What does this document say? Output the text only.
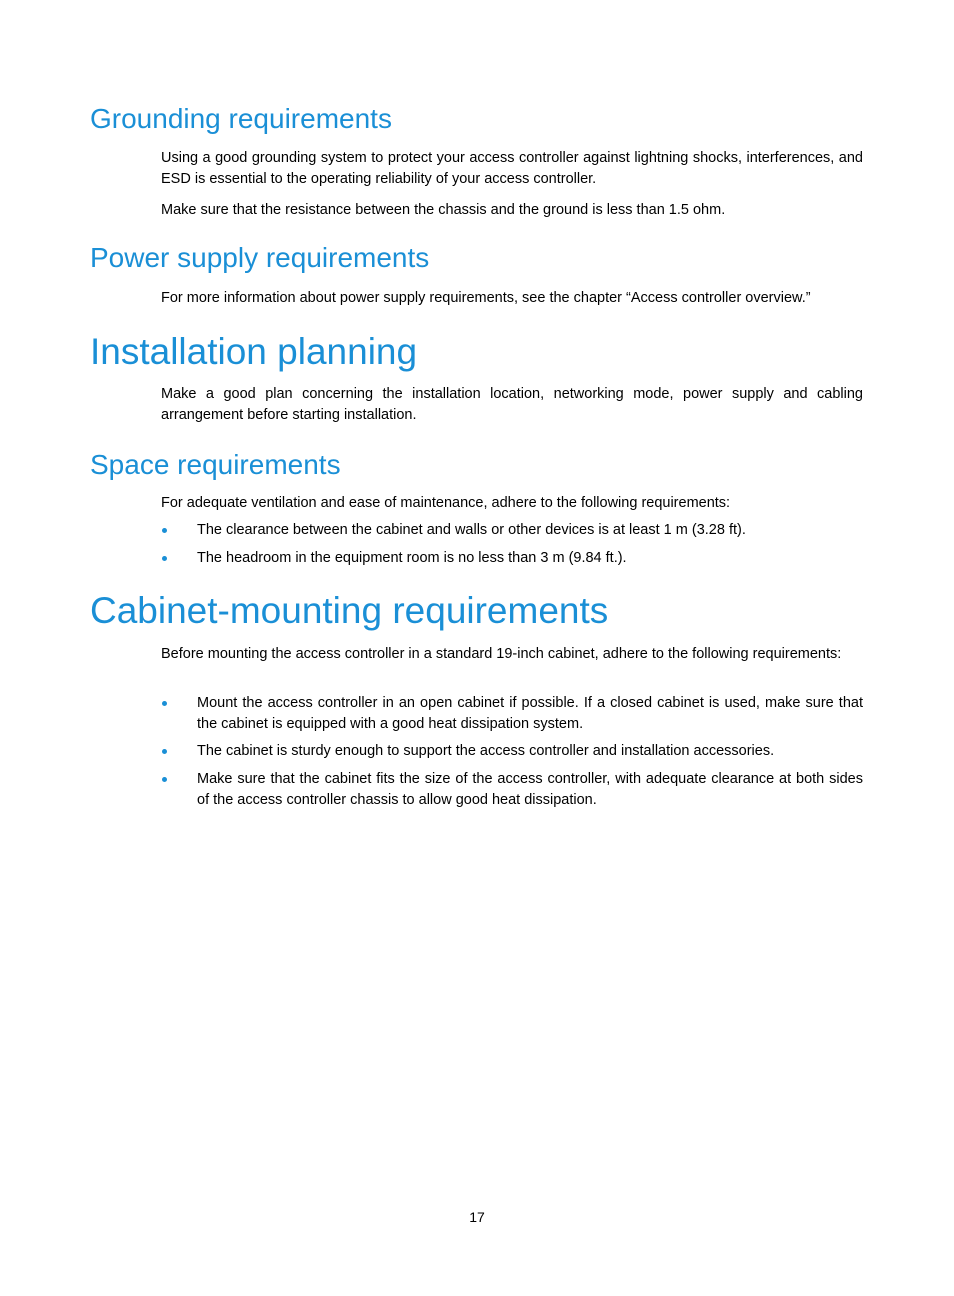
Grounding requirements

Using a good grounding system to protect your access controller against lightning shocks, interferences, and ESD is essential to the operating reliability of your access controller.

Make sure that the resistance between the chassis and the ground is less than 1.5 ohm.

Power supply requirements

For more information about power supply requirements, see the chapter “Access controller overview.”

Installation planning

Make a good plan concerning the installation location, networking mode, power supply and cabling arrangement before starting installation.

Space requirements

For adequate ventilation and ease of maintenance, adhere to the following requirements:

The clearance between the cabinet and walls or other devices is at least 1 m (3.28 ft).
The headroom in the equipment room is no less than 3 m (9.84 ft.).
Cabinet-mounting requirements

Before mounting the access controller in a standard 19-inch cabinet, adhere to the following requirements:

Mount the access controller in an open cabinet if possible. If a closed cabinet is used, make sure that the cabinet is equipped with a good heat dissipation system.
The cabinet is sturdy enough to support the access controller and installation accessories.
Make sure that the cabinet fits the size of the access controller, with adequate clearance at both sides of the access controller chassis to allow good heat dissipation.
17
